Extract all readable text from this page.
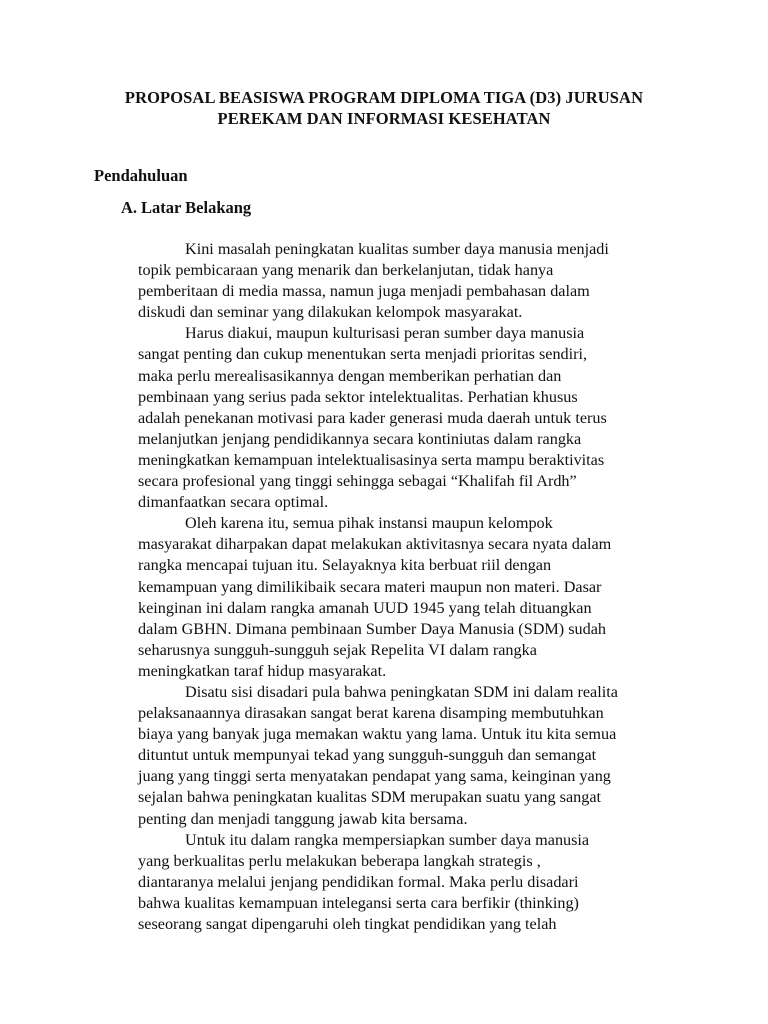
PROPOSAL BEASISWA PROGRAM DIPLOMA TIGA (D3) JURUSAN
PEREKAM DAN INFORMASI KESEHATAN
Pendahuluan
A. Latar Belakang
Kini masalah peningkatan kualitas sumber daya manusia menjadi
topik pembicaraan yang menarik dan berkelanjutan, tidak hanya
pemberitaan di media massa, namun juga menjadi pembahasan dalam
diskudi dan seminar yang dilakukan kelompok masyarakat.
Harus diakui, maupun kulturisasi peran sumber daya manusia
sangat penting dan cukup menentukan serta menjadi prioritas sendiri,
maka perlu merealisasikannya dengan memberikan perhatian dan
pembinaan yang serius pada sektor intelektualitas. Perhatian khusus
adalah penekanan motivasi para kader generasi muda daerah untuk terus
melanjutkan jenjang pendidikannya secara kontiniutas dalam rangka
meningkatkan kemampuan intelektualisasinya serta mampu beraktivitas
secara profesional yang tinggi sehingga sebagai “Khalifah fil Ardh”
dimanfaatkan secara optimal.
Oleh karena itu, semua pihak instansi maupun kelompok
masyarakat diharpakan dapat melakukan aktivitasnya secara nyata dalam
rangka mencapai tujuan itu. Selayaknya kita berbuat riil dengan
kemampuan yang dimilikibaik secara materi maupun non materi. Dasar
keinginan ini dalam rangka amanah UUD 1945 yang telah dituangkan
dalam GBHN. Dimana pembinaan Sumber Daya Manusia (SDM) sudah
seharusnya sungguh-sungguh sejak Repelita VI dalam rangka
meningkatkan taraf hidup masyarakat.
Disatu sisi disadari pula bahwa peningkatan SDM ini dalam realita
pelaksanaannya dirasakan sangat berat karena disamping membutuhkan
biaya yang banyak juga memakan waktu yang lama. Untuk itu kita semua
dituntut untuk mempunyai tekad yang sungguh-sungguh dan semangat
juang yang tinggi serta menyatakan pendapat yang sama, keinginan yang
sejalan bahwa peningkatan kualitas SDM merupakan suatu yang sangat
penting dan menjadi tanggung jawab kita bersama.
Untuk itu dalam rangka mempersiapkan sumber daya manusia
yang berkualitas perlu melakukan beberapa langkah strategis ,
diantaranya melalui jenjang pendidikan formal. Maka perlu disadari
bahwa kualitas kemampuan intelegansi serta cara berfikir (thinking)
seseorang sangat dipengaruhi oleh tingkat pendidikan yang telah
